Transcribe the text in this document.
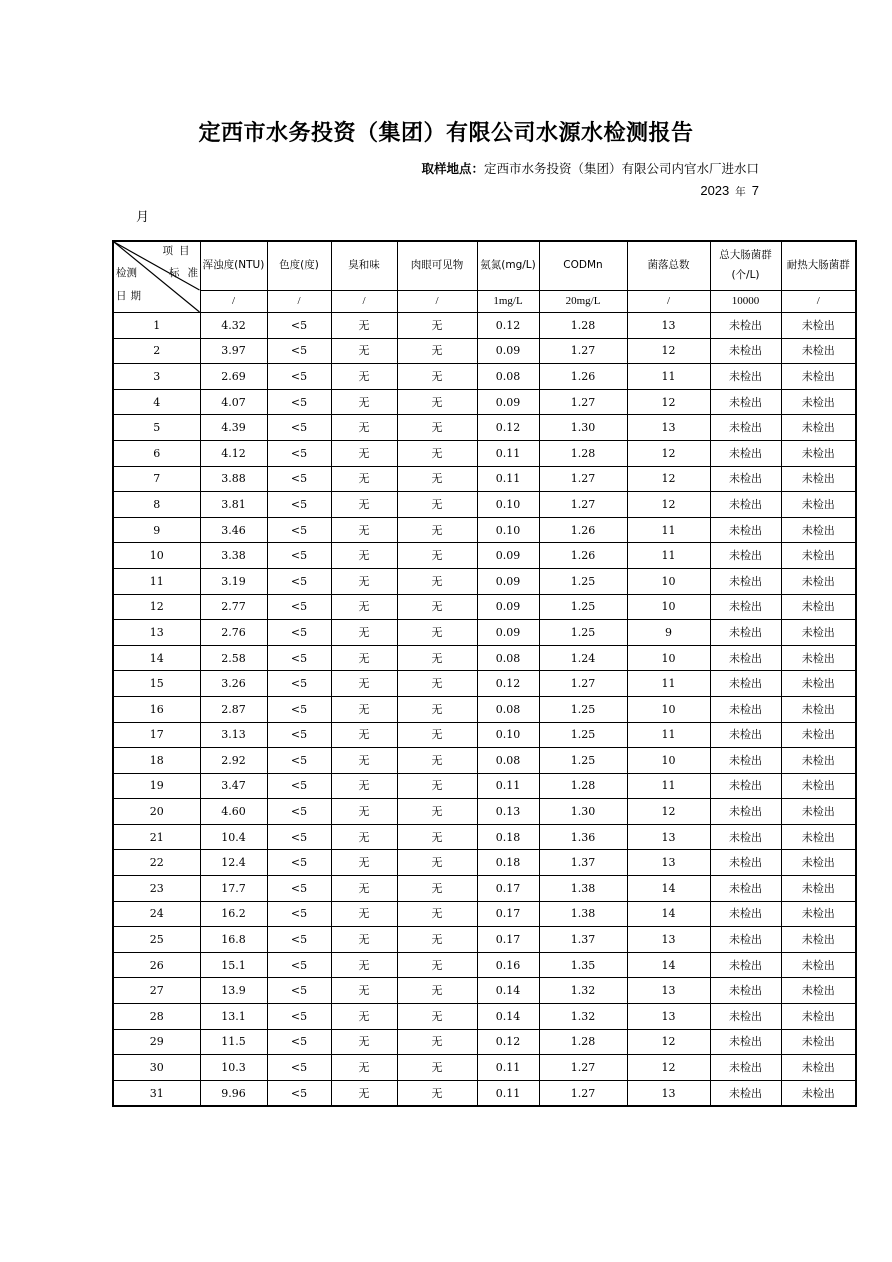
定西市水务投资（集团）有限公司水源水检测报告
取样地点：定西市水务投资（集团）有限公司内官水厂进水口
2023 年 7
月
项目
检测 标准
日期	浑浊度(NTU)	色度(度)	臭和味	肉眼可见物	氨氮(mg/L)	CODMn	菌落总数	总大肠菌群(个/L)	耐热大肠菌群
	/	/	/	/	1mg/L	20mg/L	/	10000	/
1	4.32	<5	无	无	0.12	1.28	13	未检出	未检出
2	3.97	<5	无	无	0.09	1.27	12	未检出	未检出
3	2.69	<5	无	无	0.08	1.26	11	未检出	未检出
4	4.07	<5	无	无	0.09	1.27	12	未检出	未检出
5	4.39	<5	无	无	0.12	1.30	13	未检出	未检出
6	4.12	<5	无	无	0.11	1.28	12	未检出	未检出
7	3.88	<5	无	无	0.11	1.27	12	未检出	未检出
8	3.81	<5	无	无	0.10	1.27	12	未检出	未检出
9	3.46	<5	无	无	0.10	1.26	11	未检出	未检出
10	3.38	<5	无	无	0.09	1.26	11	未检出	未检出
11	3.19	<5	无	无	0.09	1.25	10	未检出	未检出
12	2.77	<5	无	无	0.09	1.25	10	未检出	未检出
13	2.76	<5	无	无	0.09	1.25	9	未检出	未检出
14	2.58	<5	无	无	0.08	1.24	10	未检出	未检出
15	3.26	<5	无	无	0.12	1.27	11	未检出	未检出
16	2.87	<5	无	无	0.08	1.25	10	未检出	未检出
17	3.13	<5	无	无	0.10	1.25	11	未检出	未检出
18	2.92	<5	无	无	0.08	1.25	10	未检出	未检出
19	3.47	<5	无	无	0.11	1.28	11	未检出	未检出
20	4.60	<5	无	无	0.13	1.30	12	未检出	未检出
21	10.4	<5	无	无	0.18	1.36	13	未检出	未检出
22	12.4	<5	无	无	0.18	1.37	13	未检出	未检出
23	17.7	<5	无	无	0.17	1.38	14	未检出	未检出
24	16.2	<5	无	无	0.17	1.38	14	未检出	未检出
25	16.8	<5	无	无	0.17	1.37	13	未检出	未检出
26	15.1	<5	无	无	0.16	1.35	14	未检出	未检出
27	13.9	<5	无	无	0.14	1.32	13	未检出	未检出
28	13.1	<5	无	无	0.14	1.32	13	未检出	未检出
29	11.5	<5	无	无	0.12	1.28	12	未检出	未检出
30	10.3	<5	无	无	0.11	1.27	12	未检出	未检出
31	9.96	<5	无	无	0.11	1.27	13	未检出	未检出
